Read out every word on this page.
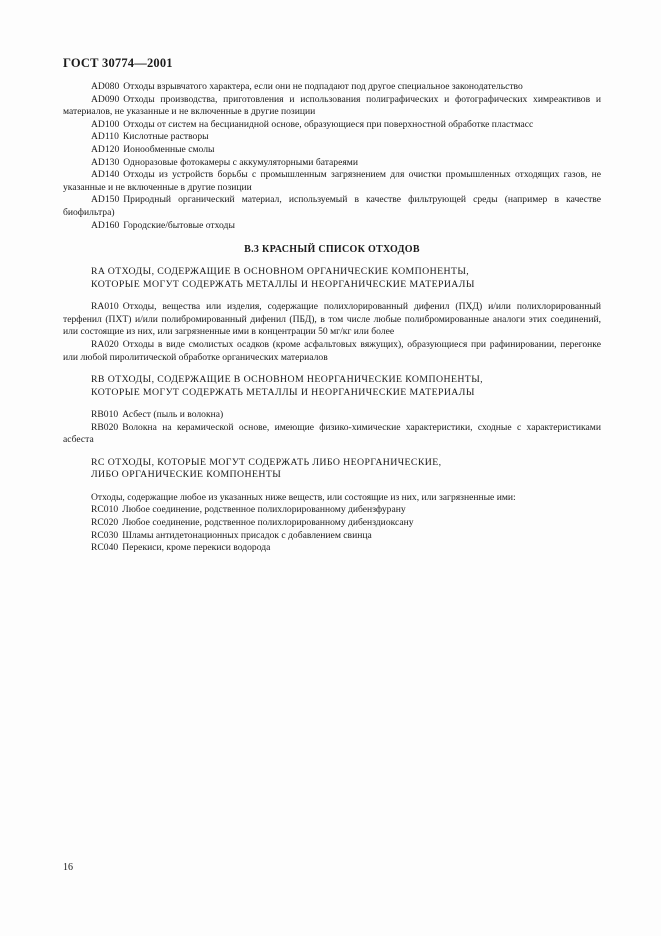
ГОСТ 30774—2001

AD080 Отходы взрывчатого характера, если они не подпадают под другое специальное законодательство

AD090 Отходы производства, приготовления и использования полиграфических и фотографических химреактивов и материалов, не указанные и не включенные в другие позиции

AD100 Отходы от систем на бесцианидной основе, образующиеся при поверхностной обработке пластмасс

AD110 Кислотные растворы

AD120 Ионообменные смолы

AD130 Одноразовые фотокамеры с аккумуляторными батареями

AD140 Отходы из устройств борьбы с промышленным загрязнением для очистки промышленных отходящих газов, не указанные и не включенные в другие позиции

AD150 Природный органический материал, используемый в качестве фильтрующей среды (например в качестве биофильтра)

AD160 Городские/бытовые отходы

В.3 КРАСНЫЙ СПИСОК ОТХОДОВ

RA ОТХОДЫ, СОДЕРЖАЩИЕ В ОСНОВНОМ ОРГАНИЧЕСКИЕ КОМПОНЕНТЫ,

КОТОРЫЕ МОГУТ СОДЕРЖАТЬ МЕТАЛЛЫ И НЕОРГАНИЧЕСКИЕ МАТЕРИАЛЫ

RA010 Отходы, вещества или изделия, содержащие полихлорированный дифенил (ПХД) и/или полихлорированный терфенил (ПХТ) и/или полибромированный дифенил (ПБД), в том числе любые полибромированные аналоги этих соединений, или состоящие из них, или загрязненные ими в концентрации 50 мг/кг или более

RA020 Отходы в виде смолистых осадков (кроме асфальтовых вяжущих), образующиеся при рафинировании, перегонке или любой пиролитической обработке органических материалов

RB ОТХОДЫ, СОДЕРЖАЩИЕ В ОСНОВНОМ НЕОРГАНИЧЕСКИЕ КОМПОНЕНТЫ,

КОТОРЫЕ МОГУТ СОДЕРЖАТЬ МЕТАЛЛЫ И НЕОРГАНИЧЕСКИЕ МАТЕРИАЛЫ

RB010 Асбест (пыль и волокна)

RB020 Волокна на керамической основе, имеющие физико-химические характеристики, сходные с характеристиками асбеста

RC ОТХОДЫ, КОТОРЫЕ МОГУТ СОДЕРЖАТЬ ЛИБО НЕОРГАНИЧЕСКИЕ,

ЛИБО ОРГАНИЧЕСКИЕ КОМПОНЕНТЫ

Отходы, содержащие любое из указанных ниже веществ, или состоящие из них, или загрязненные ими:

RC010 Любое соединение, родственное полихлорированному дибензфурану

RC020 Любое соединение, родственное полихлорированному дибенздиоксану

RC030 Шламы антидетонационных присадок с добавлением свинца

RC040 Перекиси, кроме перекиси водорода

16
